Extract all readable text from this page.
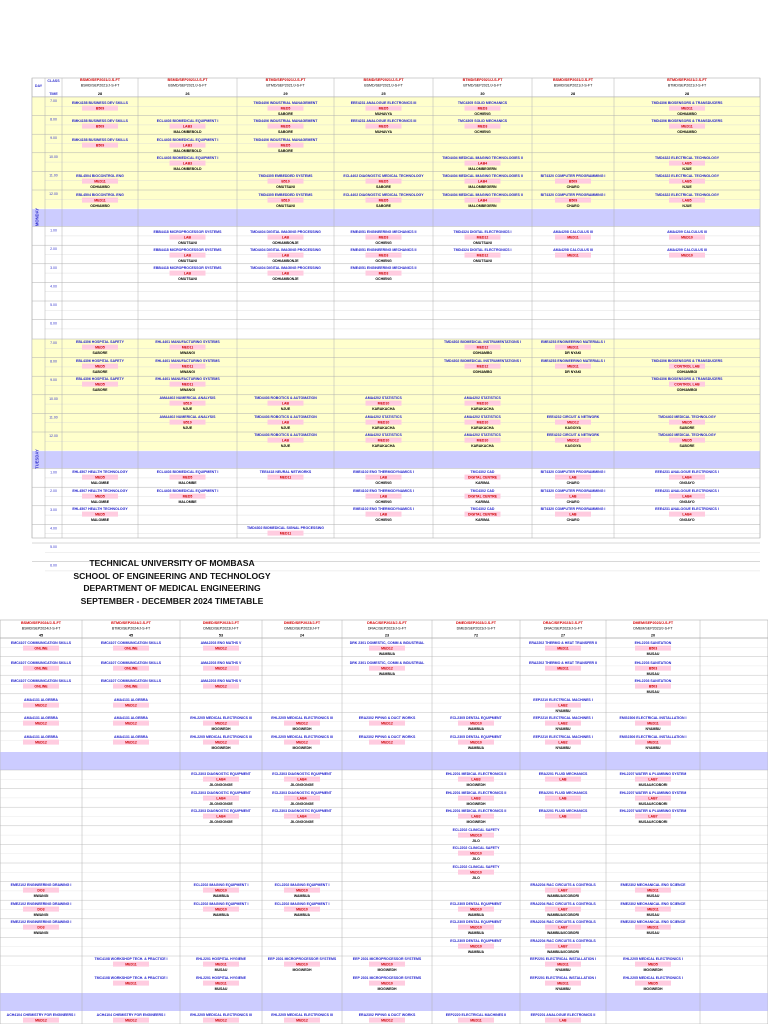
DAY
CLASS
TIME
BSMD/SEP2021/J-S-FT
BSMD/SEP2021/J-S-FT
28
BSMD/SEP2021/J-S-FT
BSMD/SEP2021/J-S-FT
26
BTMD/SEP2021/J-S-FT
BTMD/SEP2021/J-S-FT
29
BSMD/SEP2021/J-S-FT
BSMD/SEP2021/J-S-FT
25
BTMD/SEP2021/J-S-FT
BTMD/SEP2021/J-S-FT
30
BSMD/SEP2021/J-S-FT
BSMD/SEP2021/J-S-FT
28
BTMD/SEP2021/J-S-FT
BTMD/SEP2021/J-S-FT
28
7.00
8.00
9.00
10.00
11.00
12.00
1.00
2.00
3.00
4.00
5.00
6.00
MONDAY
7.00
8.00
9.00
10.00
11.00
12.00
1.00
2.00
3.00
4.00
5.00
6.00
TUESDAY
EMK4158 BUSINESS DEV SKILLS
B509
TMD4406 INDUSTRIAL MANAGEMENT
MED5
SABORE
EEE4231 ANALOGUE ELECTRONICS III
MED5
MUHAVYA
TMC4305 SOLID MECHANICS
MED3
OCHIENG
TMD4306 BIOSENSORS & TRANSDUCERS
MED11
ODHIAMBO
EMK4158 BUSINESS DEV SKILLS
B509
TMD4406 INDUSTRIAL MANAGEMENT
MED5
SABORE
EEE4231 ANALOGUE ELECTRONICS III
MED5
MUHAVYA
TMC4305 SOLID MECHANICS
MED3
OCHIENG
TMD4306 BIOSENSORS & TRANSDUCERS
MED11
ODHIAMBO
EMK4158 BUSINESS DEV SKILLS
B509
ECL4403 BIOMEDICAL EQUIPMENT I
LAB3
MALOMBEBOLD
TMD4406 INDUSTRIAL MANAGEMENT
MED5
SABORE
ECL4403 BIOMEDICAL EQUIPMENT I
LAB3
MALOMBEBOLD
ECL4403 BIOMEDICAL EQUIPMENT I
LAB3
MALOMBEBOLD
TMD4404 MEDICAL IMAGING TECHNOLOGIES II
LAB4
MALOMBEGERN
TMD4322 ELECTRICAL TECHNOLOGY
LAB5
NJUE
EBL4504 BIOCONTROL ENG
MED11
ODHIAMBO
TMD4305 EMBEDDED SYSTEMS
B510
OMUTSANI
ECL4402 DIAGNOSTIC MEDICAL TECHNOLOGY
MED5
SABORE
TMD4404 MEDICAL IMAGING TECHNOLOGIES II
LAB4
MALOMBEGERN
BIT4320 COMPUTER PROGRAMMING I
B509
CHARO
TMD4322 ELECTRICAL TECHNOLOGY
LAB5
NJUE
EBL4504 BIOCONTROL ENG
MED11
ODHIAMBO
TMD4305 EMBEDDED SYSTEMS
B510
OMUTSANI
ECL4402 DIAGNOSTIC MEDICAL TECHNOLOGY
MED5
SABORE
TMD4404 MEDICAL IMAGING TECHNOLOGIES II
LAB4
MALOMBEGERN
BIT4320 COMPUTER PROGRAMMING I
B509
CHARO
TMD4322 ELECTRICAL TECHNOLOGY
LAB5
NJUE
EBB4418 MICROPROCESSOR SYSTEMS
LAB
OMUTSANI
TMD4404 DIGITAL IMAGING PROCESSING
LAB
ODHIAMBONJE
EME4051 ENGINEERING MECHANICS II
MED3
OCHIENG
TMD4324 DIGITAL ELECTRONICS I
MED12
OMUTSANI
AMA4208 CALCULUS III
MED11
AMA4209 CALCULUS III
MED10
EBB4418 MICROPROCESSOR SYSTEMS
LAB
OMUTSANI
TMD4404 DIGITAL IMAGING PROCESSING
LAB
ODHIAMBONJE
EME4051 ENGINEERING MECHANICS II
MED3
OCHIENG
TMD4324 DIGITAL ELECTRONICS I
MED12
OMUTSANI
AMA4208 CALCULUS III
MED11
AMA4209 CALCULUS III
MED10
EBB4418 MICROPROCESSOR SYSTEMS
LAB
OMUTSANI
TMD4404 DIGITAL IMAGING PROCESSING
LAB
ODHIAMBONJE
EME4051 ENGINEERING MECHANICS II
MED3
OCHIENG
EBL4306 HOSPITAL SAFETY
MED5
SABORE
TMD4302 BIOMEDICAL INSTRUMENTATIONS I
MED12
ODHIAMBO
EME4253 ENGINEERING MATERIALS I
MED11
DR NYAKI
TMD4306 BIOSENSORS & TRANSDUCERS
CONTROL LAB
ODHIAMBOI
EBL4306 HOSPITAL SAFETY
MED5
SABORE
EHL4401 MANUFACTURING SYSTEMS
MED11
MWANGI
EHL4401 MANUFACTURING SYSTEMS
MED11
MWANGI
TMD4302 BIOMEDICAL INSTRUMENTATIONS I
MED12
ODHIAMBO
EME4253 ENGINEERING MATERIALS I
MED11
DR NYAKI
TMD4306 BIOSENSORS & TRANSDUCERS
CONTROL LAB
ODHIAMBOI
EBL4306 HOSPITAL SAFETY
MED5
SABORE
EHL4401 MANUFACTURING SYSTEMS
MED11
MWANGI
AMA4402 NUMERICAL ANALYSIS
B510
NJUE
TMD4403 ROBOTICS & AUTOMATION
LAB
NJUE
AMA4202 STATISTICS
MED10
KARAKACHA
AMA4202 STATISTICS
MED10
KARAKACHA
EEE4232 CIRCUIT & NETWORK
MED12
KAGOIYA
TMD4402 MEDICAL TECHNOLOGY
MED5
SABORE
AMA4402 NUMERICAL ANALYSIS
B510
NJUE
TMD4403 ROBOTICS & AUTOMATION
LAB
NJUE
AMA4202 STATISTICS
MED10
KARAKACHA
AMA4202 STATISTICS
MED10
KARAKACHA
TMD4403 ROBOTICS & AUTOMATION
LAB
NJUE
AMA4202 STATISTICS
MED10
KARAKACHA
AMA4202 STATISTICS
MED10
KARAKACHA
EEE4232 CIRCUIT & NETWORK
MED12
KAGOIYA
TMD4402 MEDICAL TECHNOLOGY
MED5
SABORE
EHL4507 HEALTH TECHNOLOGY
MED5
MALOMBE
ECL4403 BIOMEDICAL EQUIPMENT I
MED5
MALOMBE
TEE4418 NEURAL NETWORKS
MED11
EME4102 ENG THERMODYNAMICS I
LAB
OCHIENG
TMC4302 CAD
DIGITAL CENTRE
KARIMA
BIT4320 COMPUTER PROGRAMMING I
LAB
CHARO
EEE4231 ANALOGUE ELECTRONICS I
LAB4
ONGAYO
EHL4507 HEALTH TECHNOLOGY
MED5
MALOMBE
ECL4403 BIOMEDICAL EQUIPMENT I
MED5
MALOMBE
EME4102 ENG THERMODYNAMICS I
LAB
OCHIENG
TMC4302 CAD
DIGITAL CENTRE
KARIMA
BIT4320 COMPUTER PROGRAMMING I
LAB
CHARO
EEE4231 ANALOGUE ELECTRONICS I
LAB4
ONGAYO
EHL4507 HEALTH TECHNOLOGY
MED5
MALOMBE
EME4102 ENG THERMODYNAMICS I
LAB
OCHIENG
TMC4302 CAD
DIGITAL CENTRE
KARIMA
BIT4320 COMPUTER PROGRAMMING I
LAB
CHARO
EEE4231 ANALOGUE ELECTRONICS I
LAB4
ONGAYO
TMD4302 BIOMEDICAL SIGNAL PROCESSING
MED11
BSMD/SEP2024/J-S-FT
BSMD/SEP2024/J-S-FT
45
BTMD/SEP2024/J-S-FT
BTMD/SEP2024/J-S-FT
45
DMED/SEP2023/J-FT
DMED/SEP2023/J-FT
53
DMED/SEP2023/J-FT
DMED/SEP2023/J-FT
24
DRAC/SEP2023/J-S-FT
DRAC/SEP2023/J-S-FT
23
DMED/SEP2023/J-S-FT
DMED/SEP2023/J-S-FT
72
DRAC/SEP2023/J-S-FT
DRAC/SEP2023/J-S-FT
27
DMEM/SEP2023/J-S-FT
DMEM/SEP2023/J-S-FT
20
EMC4107 COMMUNICATION SKILLS
ONLINE
EMC4107 COMMUNICATION SKILLS
ONLINE
AMA2203 ENG MATHS V
MED12
DRK 2301 DOMESTIC, COMM & INDUSTRIAL
MED12
WAMBUA
ERA2202 THERMO & HEAT TRANSFER II
MED11
EHL2203 SANITATION
B503
MUSAU
EMC4107 COMMUNICATION SKILLS
ONLINE
EMC4107 COMMUNICATION SKILLS
ONLINE
AMA2203 ENG MATHS V
MED12
DRK 2301 DOMESTIC, COMM & INDUSTRIAL
MED12
WAMBUA
ERA2202 THERMO & HEAT TRANSFER II
MED11
EHL2203 SANITATION
B503
MUSAU
EMC4107 COMMUNICATION SKILLS
ONLINE
EMC4107 COMMUNICATION SKILLS
ONLINE
AMA2203 ENG MATHS V
MED12
EHL2203 SANITATION
B503
MUSAU
AMA4131 ALGEBRA
MED12
AMA4131 ALGEBRA
MED12
EEP2210 ELECTRICAL MACHINES I
LAB2
NYAMBU
AMA4131 ALGEBRA
MED12
AMA4131 ALGEBRA
MED12
EHL2205 MEDICAL ELECTRONICS III
MED12
MOGWEDH
EHL2205 MEDICAL ELECTRONICS III
MED12
MOGWEDH
ERA2302 PIPING & DUCT WORKS
MED12
ECL2305 DENTAL EQUIPMENT
MED10
WAMBUA
EEP2210 ELECTRICAL MACHINES I
LAB2
NYAMBU
EMG2306 ELECTRICAL INSTALLATION I
MED11
NYAMBU
AMA4131 ALGEBRA
MED12
AMA4131 ALGEBRA
MED12
EHL2205 MEDICAL ELECTRONICS III
MED12
MOGWEDH
EHL2205 MEDICAL ELECTRONICS III
MED12
MOGWEDH
ERA2302 PIPING & DUCT WORKS
MED12
ECL2305 DENTAL EQUIPMENT
MED10
WAMBUA
EEP2210 ELECTRICAL MACHINES I
LAB2
NYAMBU
EMG2306 ELECTRICAL INSTALLATION I
MED11
NYAMBU
ECL2303 DIAGNOSTIC EQUIPMENT
LAB4
JILONGONGE
ECL2303 DIAGNOSTIC EQUIPMENT
LAB4
JILONGONGE
EHL2201 MEDICAL ELECTRONICS II
LAB3
MOGWEDH
ERA2201 FLUID MECHANICS
LAB
EHL2207 WATER & PLUMBING SYSTEM
LAB7
MUSAU/ICOBORI
ECL2303 DIAGNOSTIC EQUIPMENT
LAB4
JILONGONGE
ECL2303 DIAGNOSTIC EQUIPMENT
LAB4
JILONGONGE
EHL2201 MEDICAL ELECTRONICS II
LAB3
MOGWEDH
ERA2201 FLUID MECHANICS
LAB
EHL2207 WATER & PLUMBING SYSTEM
LAB7
MUSAU/ICOBORI
ECL2303 DIAGNOSTIC EQUIPMENT
LAB4
JILONGONGE
ECL2303 DIAGNOSTIC EQUIPMENT
LAB4
JILONGONGE
EHL2201 MEDICAL ELECTRONICS II
LAB3
MOGWEDH
ERA2201 FLUID MECHANICS
LAB
EHL2207 WATER & PLUMBING SYSTEM
LAB7
MUSAU/ICOBORI
ECL2202 CLINICAL SAFETY
MED10
JILO
ECL2202 CLINICAL SAFETY
MED10
JILO
ECL2202 CLINICAL SAFETY
MED10
JILO
EME2102 ENGINEERING DRAWING I
DO3
MWANGI
ECL2202 IMAGING EQUIPMENT I
MED10
WAMBUA
ECL2202 IMAGING EQUIPMENT I
MED10
WAMBUA
ERA2204 RAC CIRCUITS & CONTROLS
LAB7
WAMBUA/ICOBORI
EME2302 MECHANICAL ENG SCIENCE
MED11
MUSAU
EME2102 ENGINEERING DRAWING I
DO3
MWANGI
ECL2202 IMAGING EQUIPMENT I
MED10
WAMBUA
ECL2202 IMAGING EQUIPMENT I
MED10
WAMBUA
ECL2305 DENTAL EQUIPMENT
MED10
WAMBUA
ERA2204 RAC CIRCUITS & CONTROLS
LAB7
WAMBUA/ICOBORI
EME2302 MECHANICAL ENG SCIENCE
MED11
MUSAU
EME2102 ENGINEERING DRAWING I
DO3
MWANGI
ECL2305 DENTAL EQUIPMENT
MED10
WAMBUA
ERA2204 RAC CIRCUITS & CONTROLS
LAB7
WAMBUA/ICOBORI
EME2302 MECHANICAL ENG SCIENCE
MED11
MUSAU
ECL2305 DENTAL EQUIPMENT
MED10
WAMBUA
ERA2204 RAC CIRCUITS & CONTROLS
LAB7
WAMBUA/ICOBORI
TMC4108 WORKSHOP TECH. & PRACTICE I
MED11
EHL2201 HOSPITAL HYGIENE
MED11
MUSAU
EEP 2301 MICROPROCESSOR SYSTEMS
MED10
MOGWEDH
EEP 2301 MICROPROCESSOR SYSTEMS
MED10
MOGWEDH
EEP2201 ELECTRICAL INSTALLATION I
MED11
NYAMBU
EHL2205 MEDICAL ELECTRONICS I
MED5
MOGWEDH
TMC4108 WORKSHOP TECH. & PRACTICE I
MED11
EHL2201 HOSPITAL HYGIENE
MED11
MUSAU
EEP 2301 MICROPROCESSOR SYSTEMS
MED10
MOGWEDH
EEP2201 ELECTRICAL INSTALLATION I
MED11
NYAMBU
EHL2205 MEDICAL ELECTRONICS I
MED5
MOGWEDH
ACH4104 CHEMISTRY FOR ENGINEERS I
MED12
ACH4104 CHEMISTRY FOR ENGINEERS I
MED12
EHL2205 MEDICAL ELECTRONICS III
MED12
EHL2205 MEDICAL ELECTRONICS III
MED12
ERA2302 PIPING & DUCT WORKS
MED12
EEP2220 ELECTRICAL MACHINES II
MED11
EEP2201 ANALOGUE ELECTRONICS II
LAB
TECHNICAL UNIVERSITY OF MOMBASA
SCHOOL OF ENGINEERING AND TECHNOLOGY
DEPARTMENT OF MEDICAL ENGINEERING
SEPTEMBER - DECEMBER 2024 TIMETABLE
